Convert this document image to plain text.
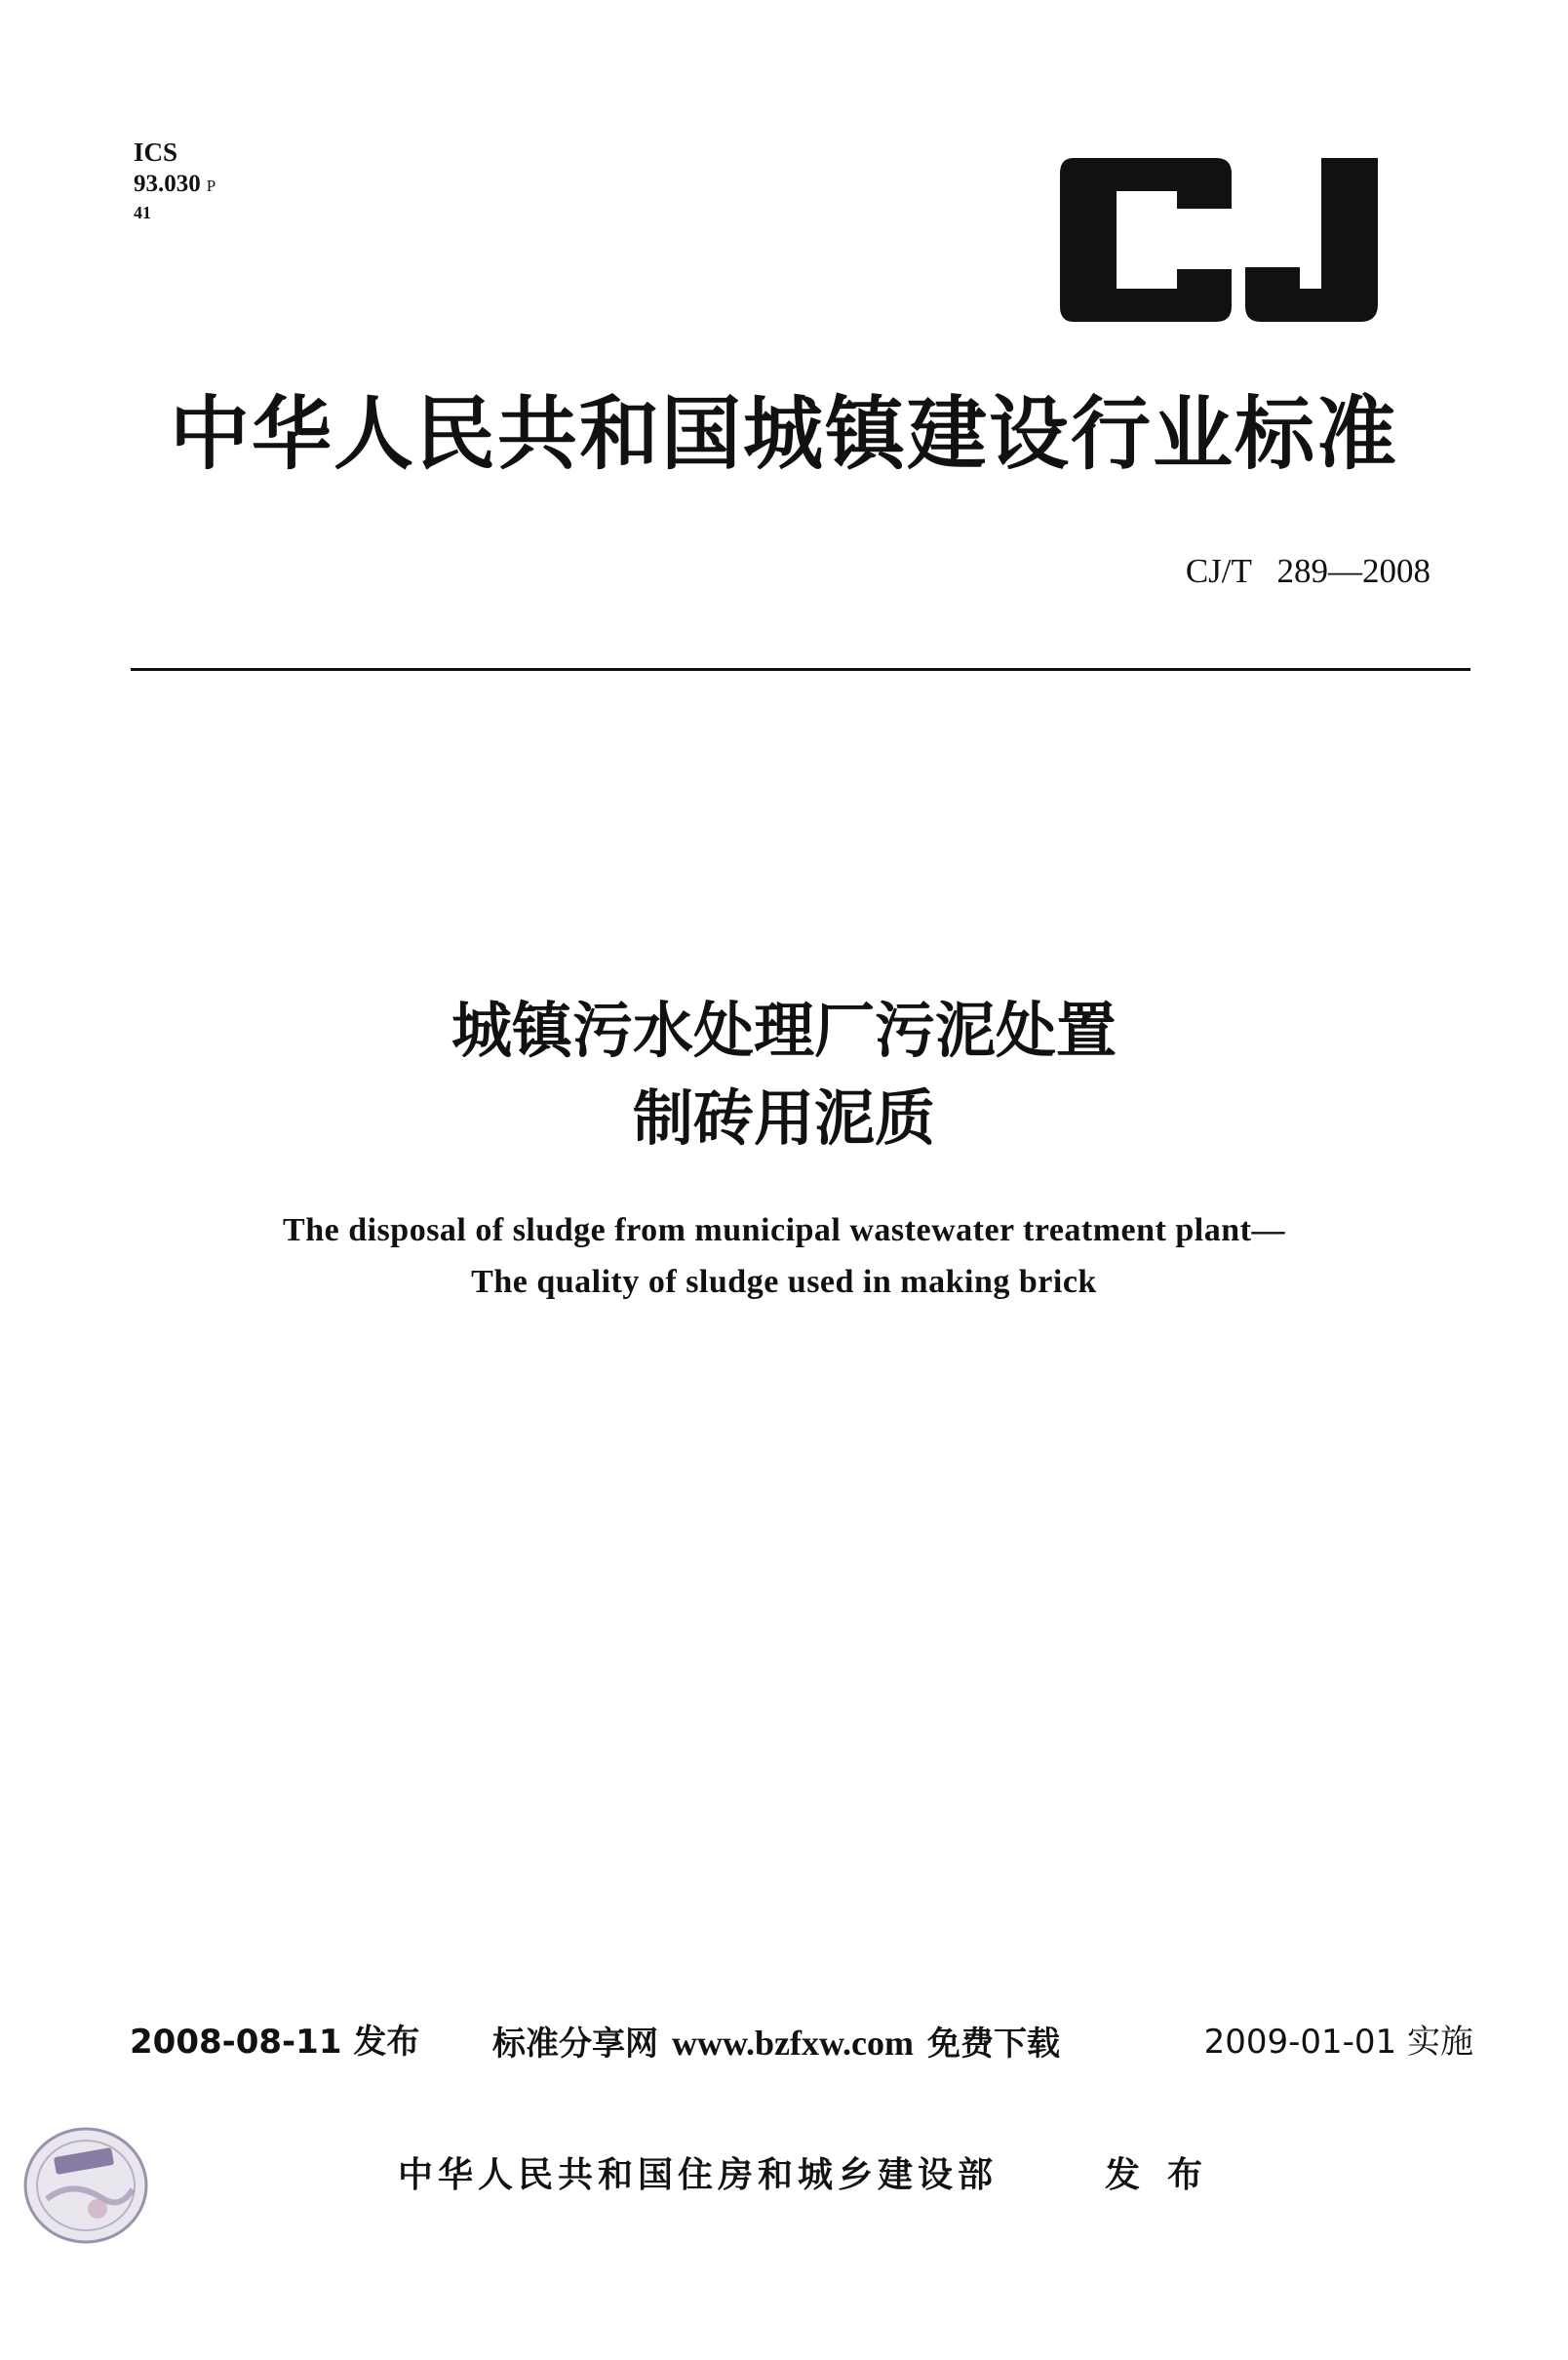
ICS
93.030 P
41
中华人民共和国城镇建设行业标准
CJ/T   289—2008
城镇污水处理厂污泥处置
制砖用泥质
The disposal of sludge from municipal wastewater treatment plant—
The quality of sludge used in making brick
2008-08-11 发布 标准分享网 www.bzfxw.com 免费下载	2009-01-01 实施
中华人民共和国住房和城乡建设部	发布
